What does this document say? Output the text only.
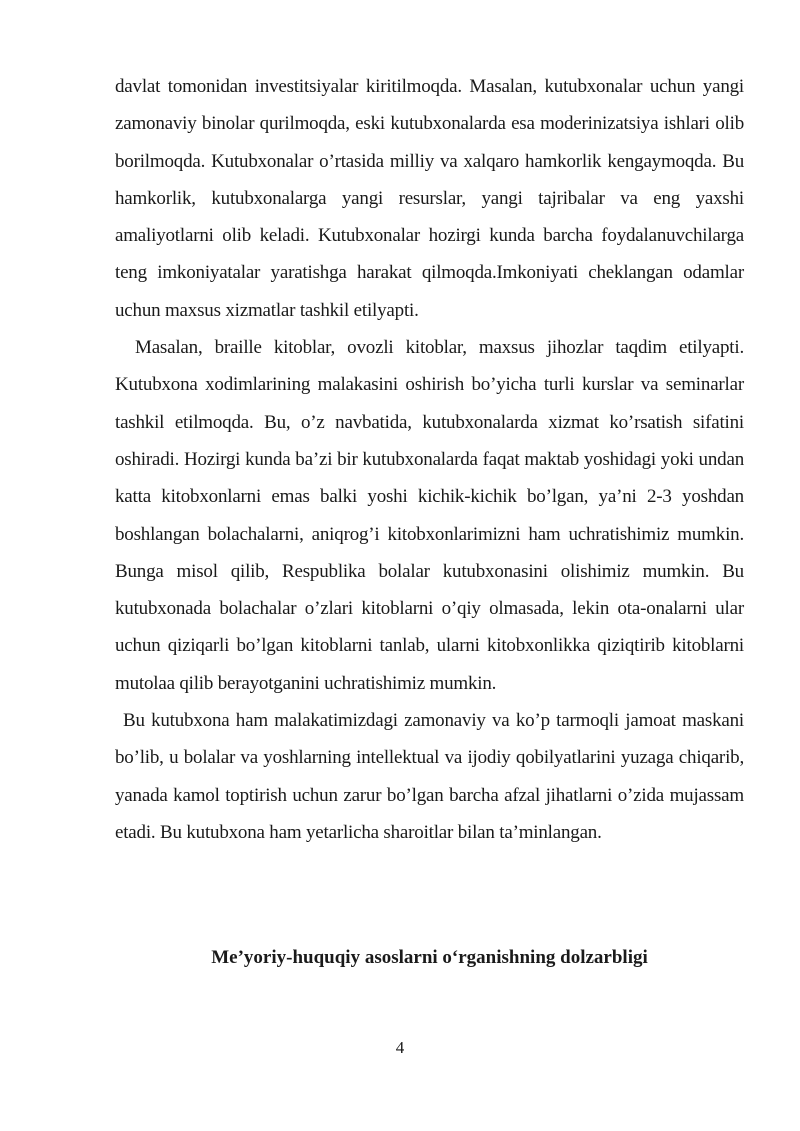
davlat tomonidan investitsiyalar kiritilmoqda. Masalan, kutubxonalar uchun yangi zamonaviy binolar qurilmoqda, eski kutubxonalarda esa moderinizatsiya ishlari olib borilmoqda. Kutubxonalar o’rtasida milliy va xalqaro hamkorlik kengaymoqda. Bu hamkorlik, kutubxonalarga yangi resurslar, yangi tajribalar va eng yaxshi amaliyotlarni olib keladi. Kutubxonalar hozirgi kunda barcha foydalanuvchilarga teng imkoniyatalar yaratishga harakat qilmoqda.Imkoniyati cheklangan odamlar uchun maxsus xizmatlar tashkil etilyapti.

Masalan, braille kitoblar, ovozli kitoblar, maxsus jihozlar taqdim etilyapti. Kutubxona xodimlarining malakasini oshirish bo’yicha turli kurslar va seminarlar tashkil etilmoqda. Bu, o’z navbatida, kutubxonalarda xizmat ko’rsatish sifatini oshiradi. Hozirgi kunda ba’zi bir kutubxonalarda faqat maktab yoshidagi yoki undan katta kitobxonlarni emas balki yoshi kichik-kichik bo’lgan, ya’ni 2-3 yoshdan boshlangan bolachalarni, aniqrog’i kitobxonlarimizni ham uchratishimiz mumkin. Bunga misol qilib, Respublika bolalar kutubxonasini olishimiz mumkin. Bu kutubxonada bolachalar o’zlari kitoblarni o’qiy olmasada, lekin ota-onalarni ular uchun qiziqarli bo’lgan kitoblarni tanlab, ularni kitobxonlikka qiziqtirib kitoblarni mutolaa qilib berayotganini uchratishimiz mumkin.

Bu kutubxona ham malakatimizdagi zamonaviy va ko’p tarmoqli jamoat maskani bo’lib, u bolalar va yoshlarning intellektual va ijodiy qobilyatlarini yuzaga chiqarib, yanada kamol toptirish uchun zarur bo’lgan barcha afzal jihatlarni o’zida mujassam etadi. Bu kutubxona ham yetarlicha sharoitlar bilan ta’minlangan.

Me’yoriy-huquqiy asoslarni o‘rganishning dolzarbligi
4
